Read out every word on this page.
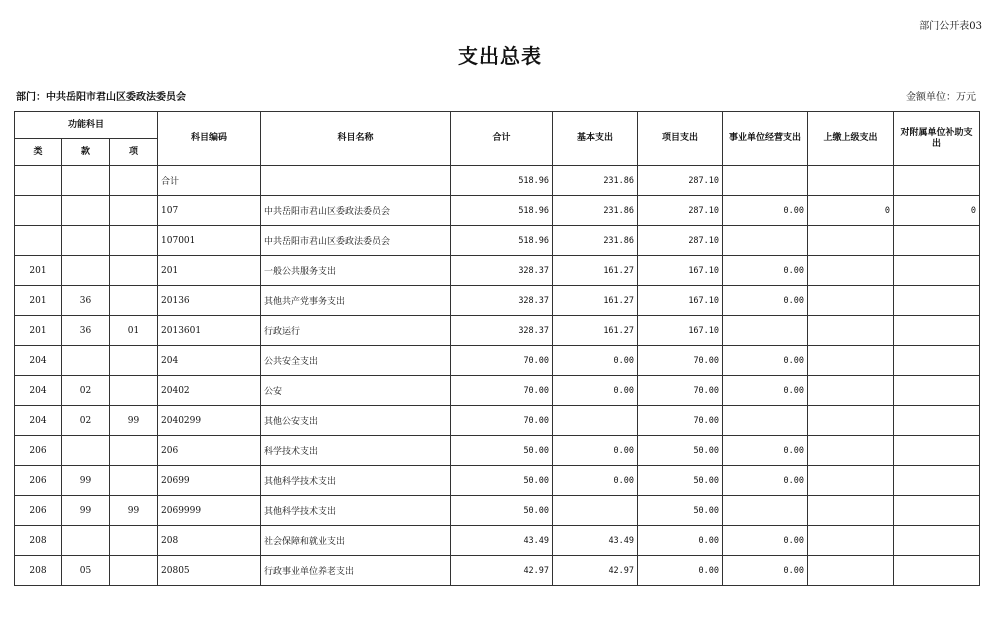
部门公开表03
支出总表
部门：中共岳阳市君山区委政法委员会	金额单位：万元
功能科目			科目编码	科目名称	合计	基本支出	项目支出	事业单位经营支出	上缴上级支出	对附属单位补助支出
类	款	项								
			合计		518.96	231.86	287.10			
			107	中共岳阳市君山区委政法委员会	518.96	231.86	287.10	0.00	0	0
			107001	中共岳阳市君山区委政法委员会	518.96	231.86	287.10			
201			201	一般公共服务支出	328.37	161.27	167.10	0.00		
201	36		20136	其他共产党事务支出	328.37	161.27	167.10	0.00		
201	36	01	2013601	行政运行	328.37	161.27	167.10			
204			204	公共安全支出	70.00	0.00	70.00	0.00		
204	02		20402	公安	70.00	0.00	70.00	0.00		
204	02	99	2040299	其他公安支出	70.00		70.00			
206			206	科学技术支出	50.00	0.00	50.00	0.00		
206	99		20699	其他科学技术支出	50.00	0.00	50.00	0.00		
206	99	99	2069999	其他科学技术支出	50.00		50.00			
208			208	社会保障和就业支出	43.49	43.49	0.00	0.00		
208	05		20805	行政事业单位养老支出	42.97	42.97	0.00	0.00		
